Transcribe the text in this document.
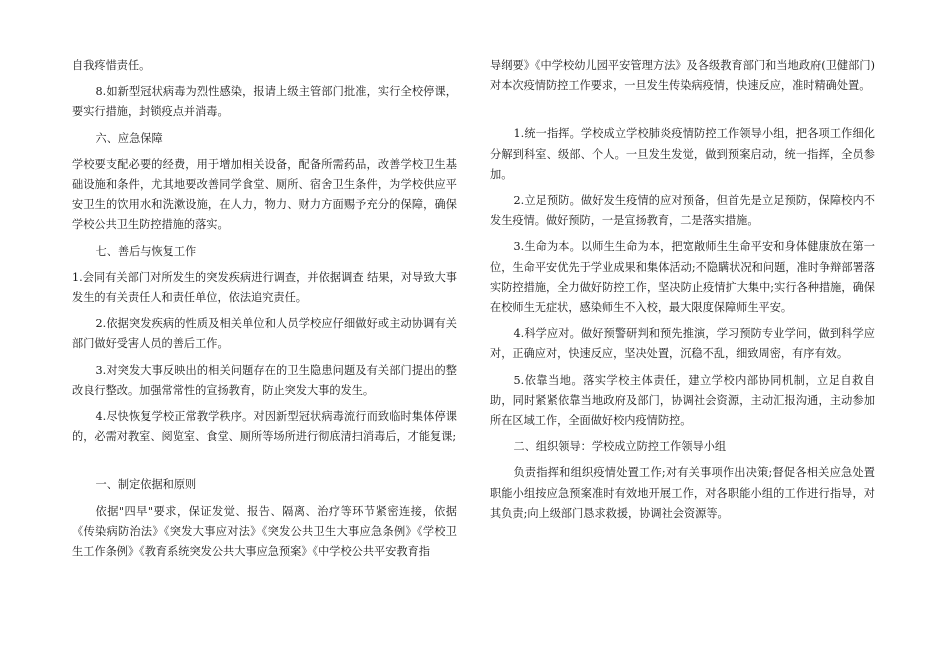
自我疼惜责任。

8.如新型冠状病毒为烈性感染，报请上级主管部门批准，实行全校停课，要实行措施，封锁疫点并消毒。

六、应急保障

学校要支配必要的经费，用于增加相关设备，配备所需药品，改善学校卫生基础设施和条件，尤其地要改善同学食堂、厕所、宿舍卫生条件，为学校供应平安卫生的饮用水和洗漱设施，在人力，物力、财力方面赐予充分的保障，确保学校公共卫生防控措施的落实。

七、善后与恢复工作

1.会同有关部门对所发生的突发疾病进行调查，并依据调查 结果，对导致大事发生的有关责任人和责任单位，依法追究责任。

2.依据突发疾病的性质及相关单位和人员学校应仔细做好或主动协调有关部门做好受害人员的善后工作。

3.对突发大事反映出的相关问题存在的卫生隐患问题及有关部门提出的整改良行整改。加强常常性的宣扬教育，防止突发大事的发生。

4.尽快恢复学校正常教学秩序。对因新型冠状病毒流行而致临时集体停课的，必需对教室、阅览室、食堂、厕所等场所进行彻底清扫消毒后，才能复课;

一、制定依据和原则

依据"四早"要求，保证发觉、报告、隔离、治疗等环节紧密连接，依据《传染病防治法》《突发大事应对法》《突发公共卫生大事应急条例》《学校卫生工作条例》《教育系统突发公共大事应急预案》《中学校公共平安教育指

导纲要》《中学校幼儿园平安管理方法》及各级教育部门和当地政府(卫健部门)对本次疫情防控工作要求，一旦发生传染病疫情，快速反应，准时精确处置。

1.统一指挥。学校成立学校肺炎疫情防控工作领导小组，把各项工作细化分解到科室、级部、个人。一旦发生发觉，做到预案启动，统一指挥，全员参加。

2.立足预防。做好发生疫情的应对预备，但首先是立足预防，保障校内不发生疫情。做好预防，一是宣扬教育，二是落实措施。

3.生命为本。以师生生命为本，把宽敞师生生命平安和身体健康放在第一位，生命平安优先于学业成果和集体活动;不隐瞒状况和问题，准时争辩部署落实防控措施，全力做好防控工作，坚决防止疫情扩大集中;实行各种措施，确保在校师生无症状，感染师生不入校，最大限度保障师生平安。

4.科学应对。做好预警研判和预先推演，学习预防专业学问，做到科学应对，正确应对，快速反应，坚决处置，沉稳不乱，细致周密，有序有效。

5.依靠当地。落实学校主体责任，建立学校内部协同机制，立足自救自助，同时紧紧依靠当地政府及部门，协调社会资源，主动汇报沟通，主动参加所在区域工作，全面做好校内疫情防控。

二、组织领导：学校成立防控工作领导小组

负责指挥和组织疫情处置工作;对有关事项作出决策;督促各相关应急处置职能小组按应急预案准时有效地开展工作，对各职能小组的工作进行指导，对其负责;向上级部门恳求救援，协调社会资源等。
